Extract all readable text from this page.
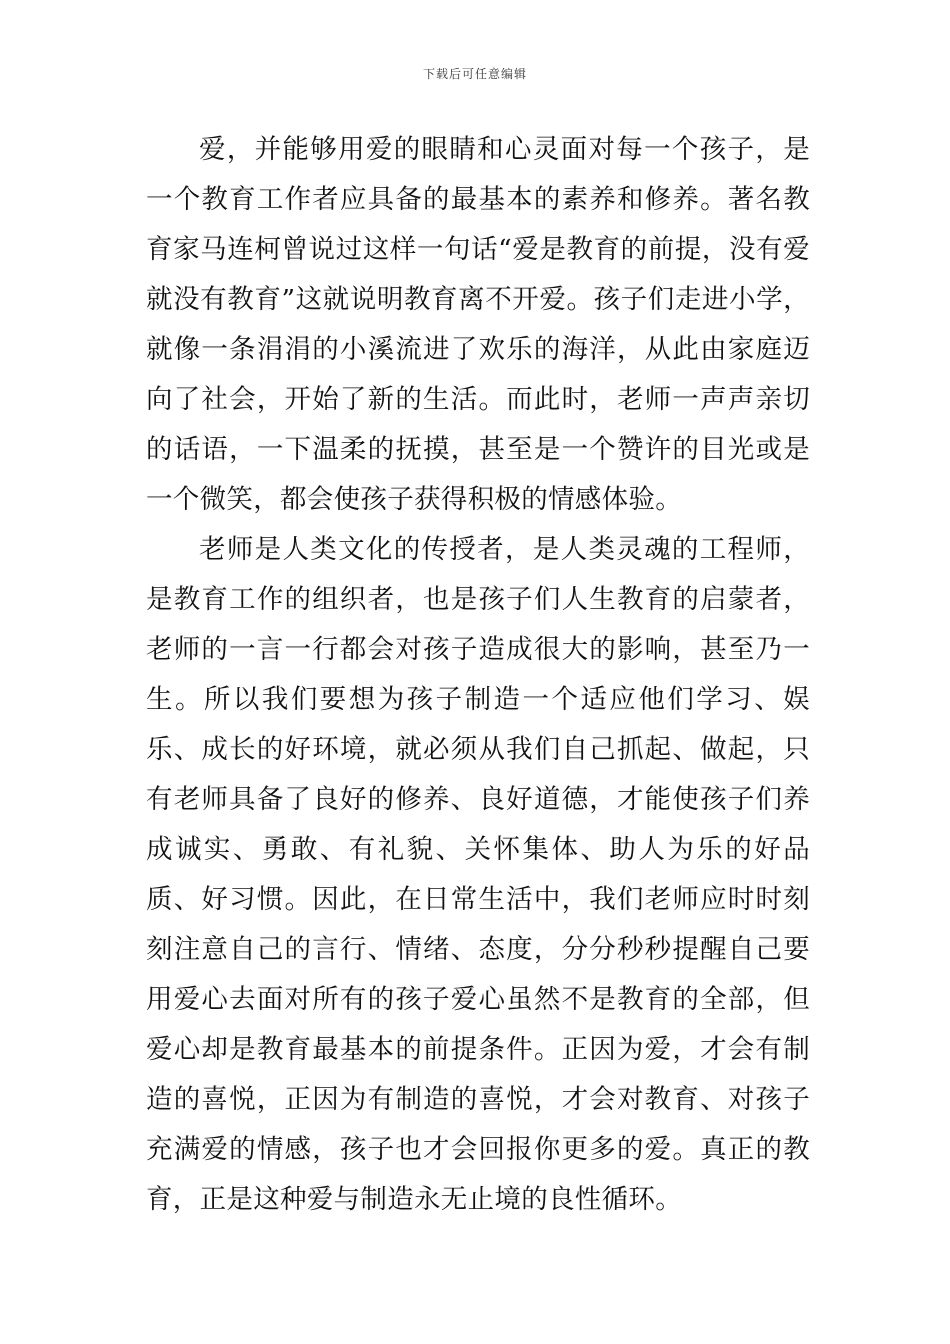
下载后可任意编辑

爱，并能够用爱的眼睛和心灵面对每一个孩子，是一个教育工作者应具备的最基本的素养和修养。著名教育家马连柯曾说过这样一句话“爱是教育的前提，没有爱就没有教育”这就说明教育离不开爱。孩子们走进小学，就像一条涓涓的小溪流进了欢乐的海洋，从此由家庭迈向了社会，开始了新的生活。而此时，老师一声声亲切的话语，一下温柔的抚摸，甚至是一个赞许的目光或是一个微笑，都会使孩子获得积极的情感体验。

老师是人类文化的传授者，是人类灵魂的工程师，是教育工作的组织者，也是孩子们人生教育的启蒙者，老师的一言一行都会对孩子造成很大的影响，甚至乃一生。所以我们要想为孩子制造一个适应他们学习、娱乐、成长的好环境，就必须从我们自己抓起、做起，只有老师具备了良好的修养、良好道德，才能使孩子们养成诚实、勇敢、有礼貌、关怀集体、助人为乐的好品质、好习惯。因此，在日常生活中，我们老师应时时刻刻注意自己的言行、情绪、态度，分分秒秒提醒自己要用爱心去面对所有的孩子爱心虽然不是教育的全部，但爱心却是教育最基本的前提条件。正因为爱，才会有制造的喜悦，正因为有制造的喜悦，才会对教育、对孩子充满爱的情感，孩子也才会回报你更多的爱。真正的教育，正是这种爱与制造永无止境的良性循环。
